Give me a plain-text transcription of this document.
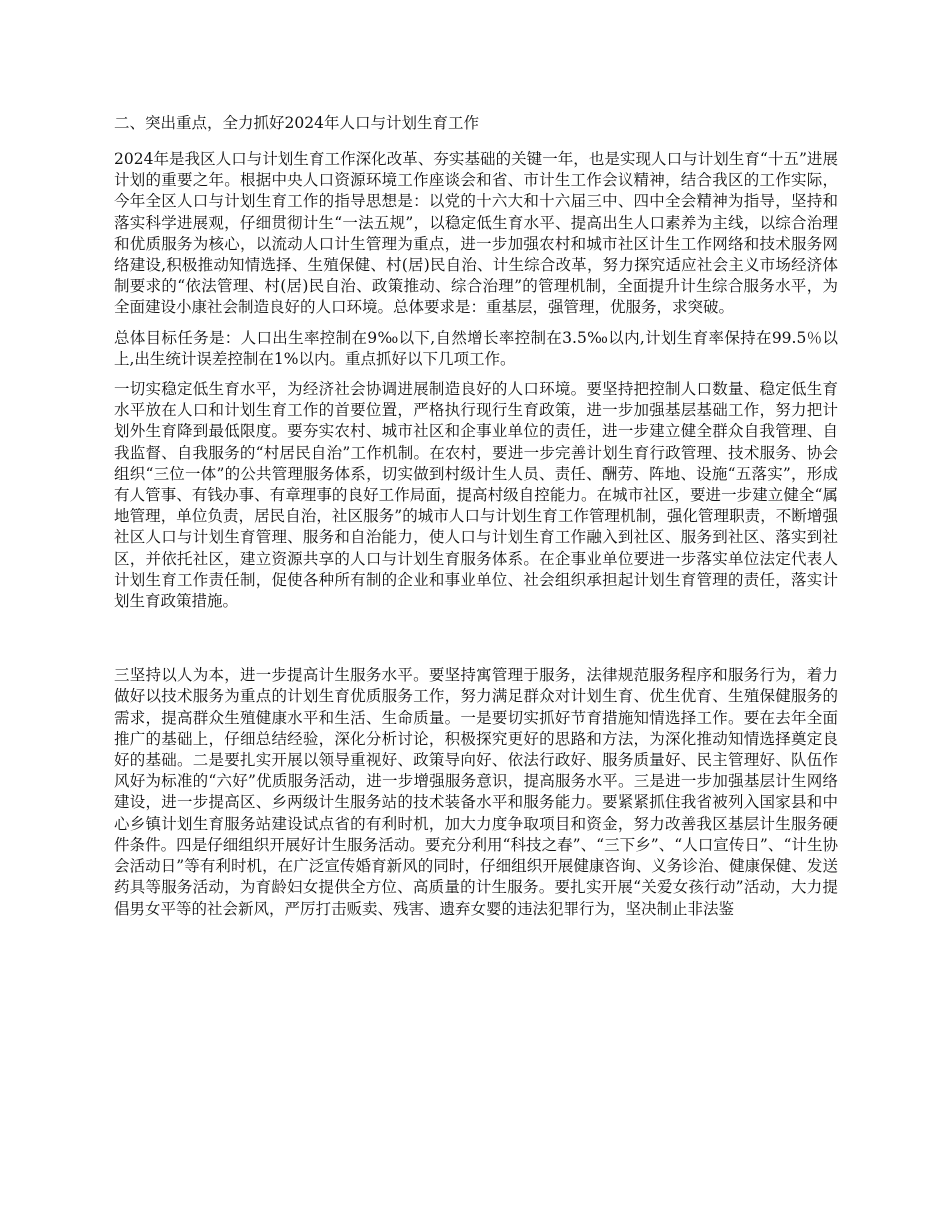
二、突出重点，全力抓好2024年人口与计划生育工作

2024年是我区人口与计划生育工作深化改革、夯实基础的关键一年，也是实现人口与计划生育“十五”进展计划的重要之年。根据中央人口资源环境工作座谈会和省、市计生工作会议精神，结合我区的工作实际，今年全区人口与计划生育工作的指导思想是：以党的十六大和十六届三中、四中全会精神为指导，坚持和落实科学进展观，仔细贯彻计生“一法五规”，以稳定低生育水平、提高出生人口素养为主线，以综合治理和优质服务为核心，以流动人口计生管理为重点，进一步加强农村和城市社区计生工作网络和技术服务网络建设,积极推动知情选择、生殖保健、村(居)民自治、计生综合改革，努力探究适应社会主义市场经济体制要求的“依法管理、村(居)民自治、政策推动、综合治理”的管理机制，全面提升计生综合服务水平，为全面建设小康社会制造良好的人口环境。总体要求是：重基层，强管理，优服务，求突破。

总体目标任务是：人口出生率控制在9‰以下,自然增长率控制在3.5‰以内,计划生育率保持在99.5％以上,出生统计误差控制在1%以内。重点抓好以下几项工作。

一切实稳定低生育水平，为经济社会协调进展制造良好的人口环境。要坚持把控制人口数量、稳定低生育水平放在人口和计划生育工作的首要位置，严格执行现行生育政策，进一步加强基层基础工作，努力把计划外生育降到最低限度。要夯实农村、城市社区和企事业单位的责任，进一步建立健全群众自我管理、自我监督、自我服务的“村居民自治”工作机制。在农村，要进一步完善计划生育行政管理、技术服务、协会组织“三位一体”的公共管理服务体系，切实做到村级计生人员、责任、酬劳、阵地、设施“五落实”，形成有人管事、有钱办事、有章理事的良好工作局面，提高村级自控能力。在城市社区，要进一步建立健全“属地管理，单位负责，居民自治，社区服务”的城市人口与计划生育工作管理机制，强化管理职责，不断增强社区人口与计划生育管理、服务和自治能力，使人口与计划生育工作融入到社区、服务到社区、落实到社区，并依托社区，建立资源共享的人口与计划生育服务体系。在企事业单位要进一步落实单位法定代表人计划生育工作责任制，促使各种所有制的企业和事业单位、社会组织承担起计划生育管理的责任，落实计划生育政策措施。

三坚持以人为本，进一步提高计生服务水平。要坚持寓管理于服务，法律规范服务程序和服务行为，着力做好以技术服务为重点的计划生育优质服务工作，努力满足群众对计划生育、优生优育、生殖保健服务的需求，提高群众生殖健康水平和生活、生命质量。一是要切实抓好节育措施知情选择工作。要在去年全面推广的基础上，仔细总结经验，深化分析讨论，积极探究更好的思路和方法，为深化推动知情选择奠定良好的基础。二是要扎实开展以领导重视好、政策导向好、依法行政好、服务质量好、民主管理好、队伍作风好为标准的“六好”优质服务活动，进一步增强服务意识，提高服务水平。三是进一步加强基层计生网络建设，进一步提高区、乡两级计生服务站的技术装备水平和服务能力。要紧紧抓住我省被列入国家县和中心乡镇计划生育服务站建设试点省的有利时机，加大力度争取项目和资金，努力改善我区基层计生服务硬件条件。四是仔细组织开展好计生服务活动。要充分利用“科技之春”、“三下乡”、“人口宣传日”、“计生协会活动日”等有利时机，在广泛宣传婚育新风的同时，仔细组织开展健康咨询、义务诊治、健康保健、发送药具等服务活动，为育龄妇女提供全方位、高质量的计生服务。要扎实开展“关爱女孩行动”活动，大力提倡男女平等的社会新风，严厉打击贩卖、残害、遗弃女婴的违法犯罪行为，坚决制止非法鉴
